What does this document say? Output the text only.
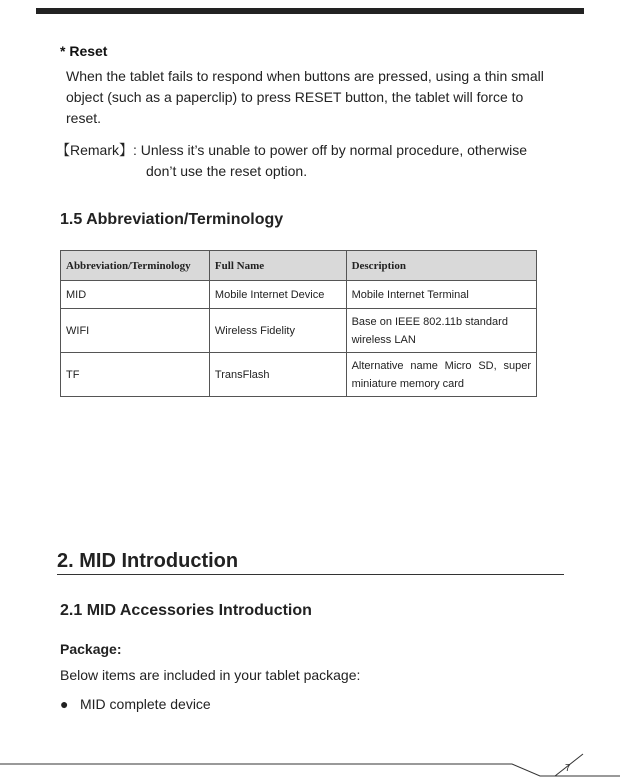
* Reset
When the tablet fails to respond when buttons are pressed, using a thin small object (such as a paperclip) to press RESET button, the tablet will force to reset.
【Remark】: Unless it’s unable to power off by normal procedure, otherwise
don’t use the reset option.
1.5 Abbreviation/Terminology
Abbreviation/Terminology	Full Name	Description
MID	Mobile Internet Device	Mobile Internet Terminal
WIFI	Wireless Fidelity	Base on IEEE 802.11b standard wireless LAN
TF	TransFlash	Alternative name Micro SD, super miniature memory card
2. MID Introduction
2.1 MID Accessories Introduction
Package:
Below items are included in your tablet package:
● MID complete device
7
